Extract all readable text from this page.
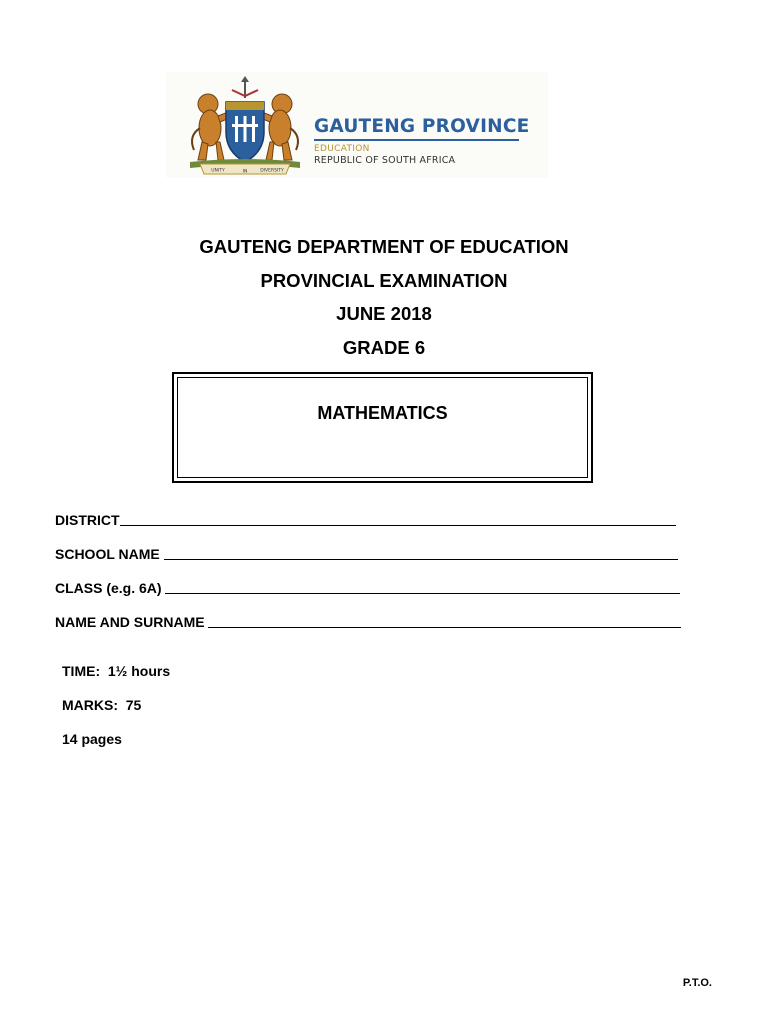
UNITY	IN	DIVERSITY
GAUTENG PROVINCE
EDUCATION
REPUBLIC OF SOUTH AFRICA
GAUTENG DEPARTMENT OF EDUCATION
PROVINCIAL EXAMINATION
JUNE 2018
GRADE 6
MATHEMATICS
DISTRICT
SCHOOL NAME
CLASS (e.g. 6A)
NAME AND SURNAME
TIME:  1½ hours
MARKS:  75
14 pages
P.T.O.
